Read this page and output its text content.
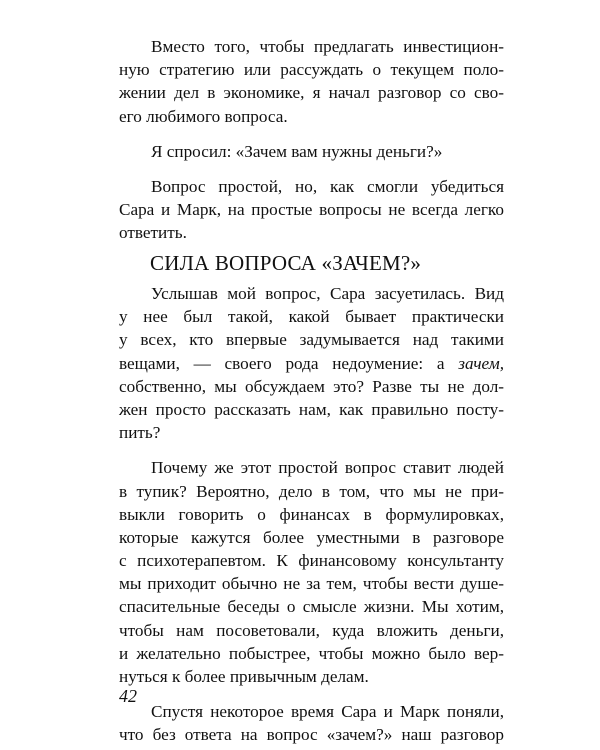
Вместо того, чтобы предлагать инвестицион-
ную стратегию или рассуждать о текущем поло-
жении дел в экономике, я начал разговор со сво-
его любимого вопроса.
Я спросил: «Зачем вам нужны деньги?»
Вопрос простой, но, как смогли убедиться
Сара и Марк, на простые вопросы не всегда легко
ответить.
СИЛА ВОПРОСА «ЗАЧЕМ?»
Услышав мой вопрос, Сара засуетилась. Вид
у нее был такой, какой бывает практически
у всех, кто впервые задумывается над такими
вещами, — своего рода недоумение: а зачем,
собственно, мы обсуждаем это? Разве ты не дол-
жен просто рассказать нам, как правильно посту-
пить?
Почему же этот простой вопрос ставит людей
в тупик? Вероятно, дело в том, что мы не при-
выкли говорить о финансах в формулировках,
которые кажутся более уместными в разговоре
с психотерапевтом. К финансовому консультанту
мы приходит обычно не за тем, чтобы вести душе-
спасительные беседы о смысле жизни. Мы хотим,
чтобы нам посоветовали, куда вложить деньги,
и желательно побыстрее, чтобы можно было вер-
нуться к более привычным делам.
Спустя некоторое время Сара и Марк поняли,
что без ответа на вопрос «зачем?» наш разговор
42
